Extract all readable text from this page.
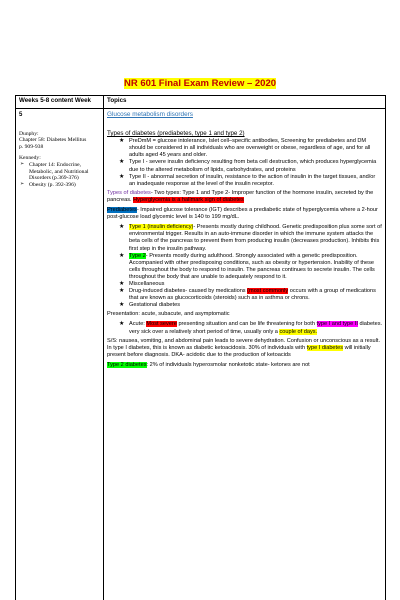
NR 601 Final Exam Review – 2020
Weeks 5-8 content Week	Topics
5
Dunphy:
Chapter 58: Diabetes Mellitus
p. 909-938
Kennedy:
➢ Chapter 14: Endocrine, Metabolic, and Nutritional Disorders (p.369-376)
➢ Obesity (p. 392-396)
Glucose metabolism disorders
Types of diabetes (prediabetes, type 1 and type 2)
★ PreDmM = glucose intolerance, Islet cell–specific antibodies, Screening for prediabetes and DM should be considered in all individuals who are overweight or obese, regardless of age, and for all adults aged 45 years and older.
★ Type I - severe insulin deficiency resulting from beta cell destruction, which produces hyperglycemia due to the altered metabolism of lipids, carbohydrates, and proteins
★ Type II - abnormal secretion of insulin, resistance to the action of insulin in the target tissues, and/or an inadequate response at the level of the insulin receptor.

Types of diabetes- Two types: Type 1 and Type 2- Improper function of the hormone insulin, secreted by the pancreas. Hyperglycemia is a hallmark sign of diabetes

Prediabetes- Impaired glucose tolerance (IGT) describes a prediabetic state of hyperglycemia where a 2-hour post-glucose load glycemic level is 140 to 199 mg/dL.

★ Type 1 (insulin deficiency)- Presents mostly during childhood. Genetic predisposition plus some sort of environmental trigger. Results in an auto-immune disorder in which the immune system attacks the beta cells of the pancreas to prevent them from producing insulin (decreases production). Inhibits this first step in the insulin pathway.
★ Type 2- Presents mostly during adulthood. Strongly associated with a genetic predisposition. Accompanied with other predisposing conditions, such as obesity or hypertension. Inability of these cells throughout the body to respond to insulin. The pancreas continues to secrete insulin. The cells throughout the body that are unable to adequately respond to it.
★ Miscellaneous
★ Drug-induced diabetes- caused by medications (most commonly occurs with a group of medications that are known as glucocorticoids (steroids) such as in asthma or chrons.
★ Gestational diabetes

Presentation: acute, subacute, and asymptomatic

★ Acute: Most severe presenting situation and can be life threatening for both type I and type II diabetes. very sick over a relatively short period of time, usually only a couple of days.

S/S: nausea, vomiting, and abdominal pain leads to severe dehydration. Confusion or unconscious as a result. In type I diabetes, this is known as diabetic ketoacidosis. 30% of individuals with type I diabetes will initially present before diagnosis. DKA- acidotic due to the production of ketoacids

Type 2 diabetes: 2% of individuals hyperosmolar nonketotic state- ketones are not
